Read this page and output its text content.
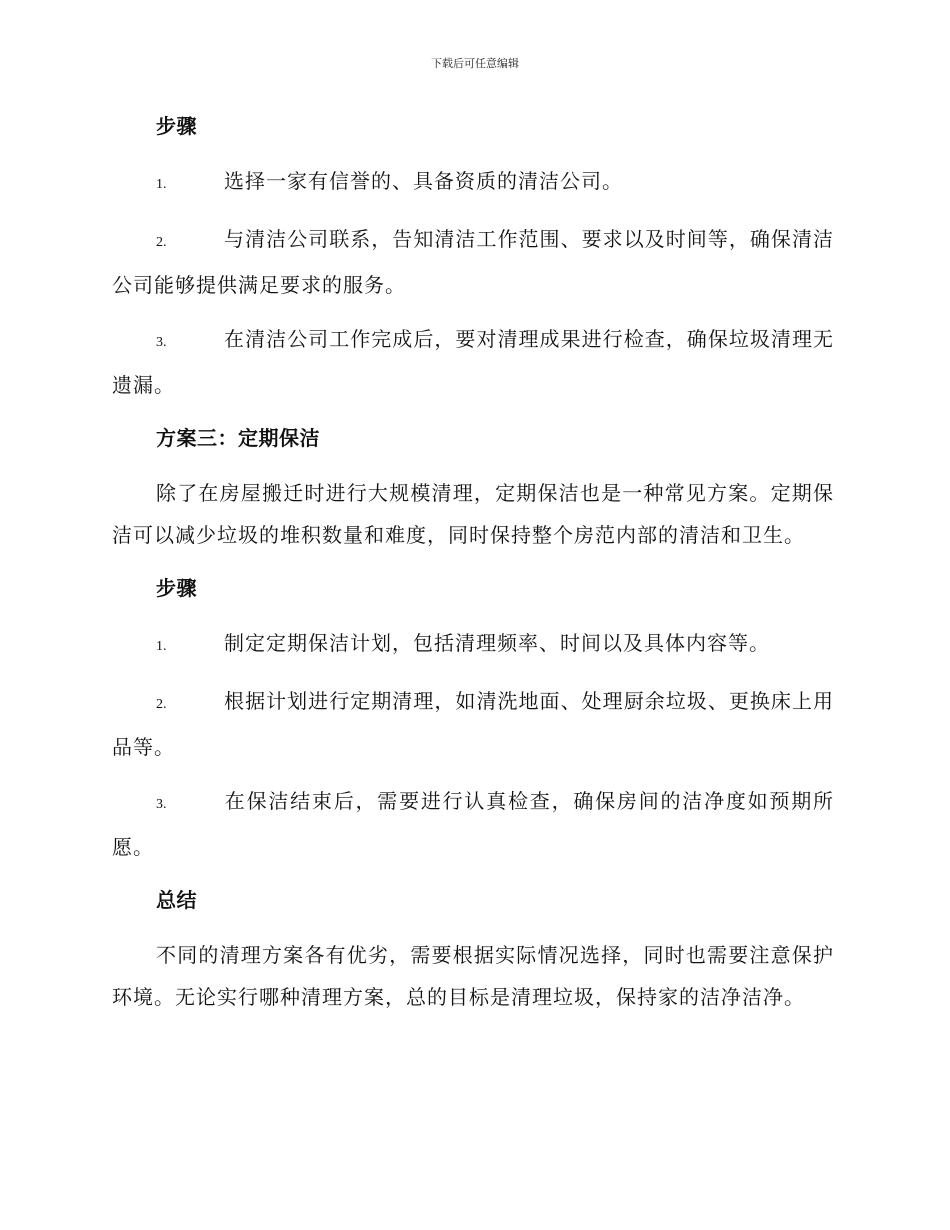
下载后可任意编辑
步骤

1.	选择一家有信誉的、具备资质的清洁公司。

2.	与清洁公司联系，告知清洁工作范围、要求以及时间等，确保清洁公司能够提供满足要求的服务。

3.	在清洁公司工作完成后，要对清理成果进行检查，确保垃圾清理无遗漏。

方案三：定期保洁

除了在房屋搬迁时进行大规模清理，定期保洁也是一种常见方案。定期保洁可以减少垃圾的堆积数量和难度，同时保持整个房范内部的清洁和卫生。

步骤

1.	制定定期保洁计划，包括清理频率、时间以及具体内容等。

2.	根据计划进行定期清理，如清洗地面、处理厨余垃圾、更换床上用品等。

3.	在保洁结束后，需要进行认真检查，确保房间的洁净度如预期所愿。

总结

不同的清理方案各有优劣，需要根据实际情况选择，同时也需要注意保护环境。无论实行哪种清理方案，总的目标是清理垃圾，保持家的洁净洁净。
